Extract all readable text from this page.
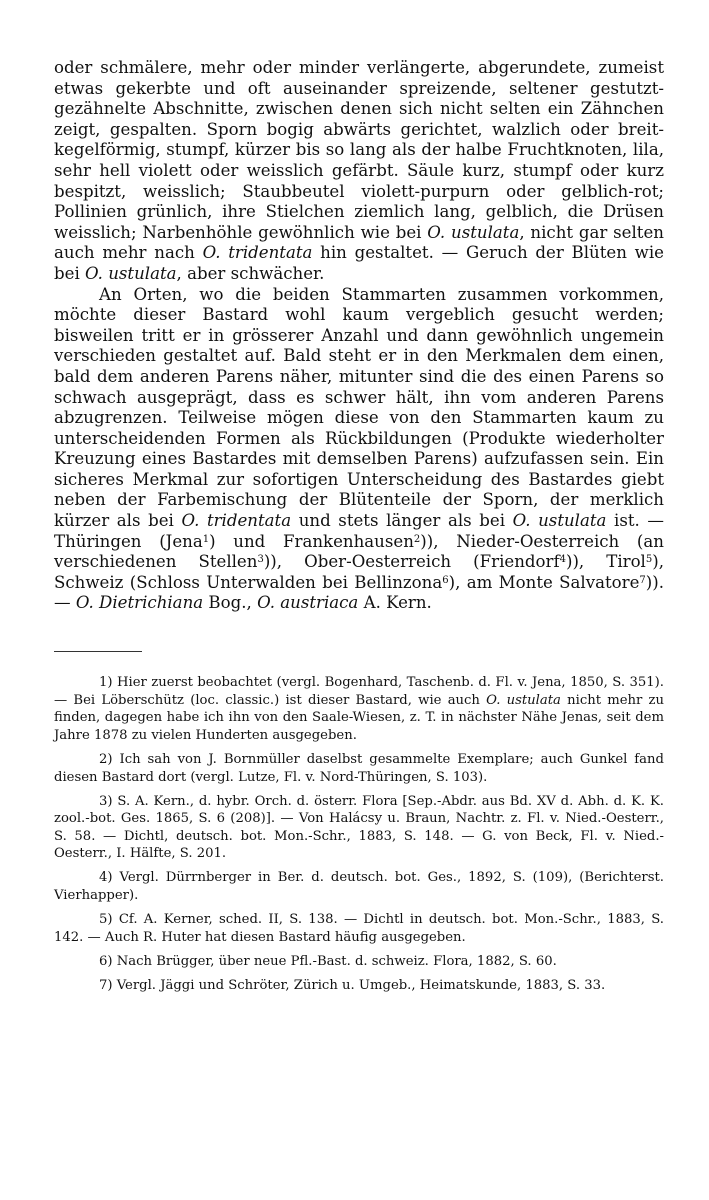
oder schmälere, mehr oder minder verlängerte, abgerundete, zumeist etwas gekerbte und oft auseinander spreizende, seltener gestutzt-gezähnelte Abschnitte, zwischen denen sich nicht selten ein Zähnchen zeigt, gespalten. Sporn bogig abwärts gerichtet, walzlich oder breit-kegelförmig, stumpf, kürzer bis so lang als der halbe Fruchtknoten, lila, sehr hell violett oder weisslich gefärbt. Säule kurz, stumpf oder kurz bespitzt, weisslich; Staubbeutel violett-purpurn oder gelblich-rot; Pollinien grünlich, ihre Stielchen ziemlich lang, gelblich, die Drüsen weisslich; Narbenhöhle gewöhnlich wie bei O. ustulata, nicht gar selten auch mehr nach O. tridentata hin gestaltet. — Geruch der Blüten wie bei O. ustulata, aber schwächer.

An Orten, wo die beiden Stammarten zusammen vorkommen, möchte dieser Bastard wohl kaum vergeblich gesucht werden; bisweilen tritt er in grösserer Anzahl und dann gewöhnlich ungemein verschieden gestaltet auf. Bald steht er in den Merkmalen dem einen, bald dem anderen Parens näher, mitunter sind die des einen Parens so schwach ausgeprägt, dass es schwer hält, ihn vom anderen Parens abzugrenzen. Teilweise mögen diese von den Stammarten kaum zu unterscheidenden Formen als Rückbildungen (Produkte wiederholter Kreuzung eines Bastardes mit demselben Parens) aufzufassen sein. Ein sicheres Merkmal zur sofortigen Unterscheidung des Bastardes giebt neben der Farbemischung der Blütenteile der Sporn, der merklich kürzer als bei O. tridentata und stets länger als bei O. ustulata ist. — Thüringen (Jena$^1$) und Frankenhausen$^2$)), Nieder-Oesterreich (an verschiedenen Stellen$^3$)), Ober-Oesterreich (Friendorf$^4$)), Tirol$^5$), Schweiz (Schloss Unterwalden bei Bellinzona$^6$), am Monte Salvatore$^7$)). — O. Dietrichiana Bog., O. austriaca A. Kern.

1) Hier zuerst beobachtet (vergl. Bogenhard, Taschenb. d. Fl. v. Jena, 1850, S. 351). — Bei Löberschütz (loc. classic.) ist dieser Bastard, wie auch O. ustulata nicht mehr zu finden, dagegen habe ich ihn von den Saale-Wiesen, z. T. in nächster Nähe Jenas, seit dem Jahre 1878 zu vielen Hunderten ausgegeben.

2) Ich sah von J. Bornmüller daselbst gesammelte Exemplare; auch Gunkel fand diesen Bastard dort (vergl. Lutze, Fl. v. Nord-Thüringen, S. 103).

3) S. A. Kern., d. hybr. Orch. d. österr. Flora [Sep.-Abdr. aus Bd. XV d. Abh. d. K. K. zool.-bot. Ges. 1865, S. 6 (208)]. — Von Halácsy u. Braun, Nachtr. z. Fl. v. Nied.-Oesterr., S. 58. — Dichtl, deutsch. bot. Mon.-Schr., 1883, S. 148. — G. von Beck, Fl. v. Nied.-Oesterr., I. Hälfte, S. 201.

4) Vergl. Dürrnberger in Ber. d. deutsch. bot. Ges., 1892, S. (109), (Berichterst. Vierhapper).

5) Cf. A. Kerner, sched. II, S. 138. — Dichtl in deutsch. bot. Mon.-Schr., 1883, S. 142. — Auch R. Huter hat diesen Bastard häufig ausgegeben.

6) Nach Brügger, über neue Pfl.-Bast. d. schweiz. Flora, 1882, S. 60.

7) Vergl. Jäggi und Schröter, Zürich u. Umgeb., Heimatskunde, 1883, S. 33.
